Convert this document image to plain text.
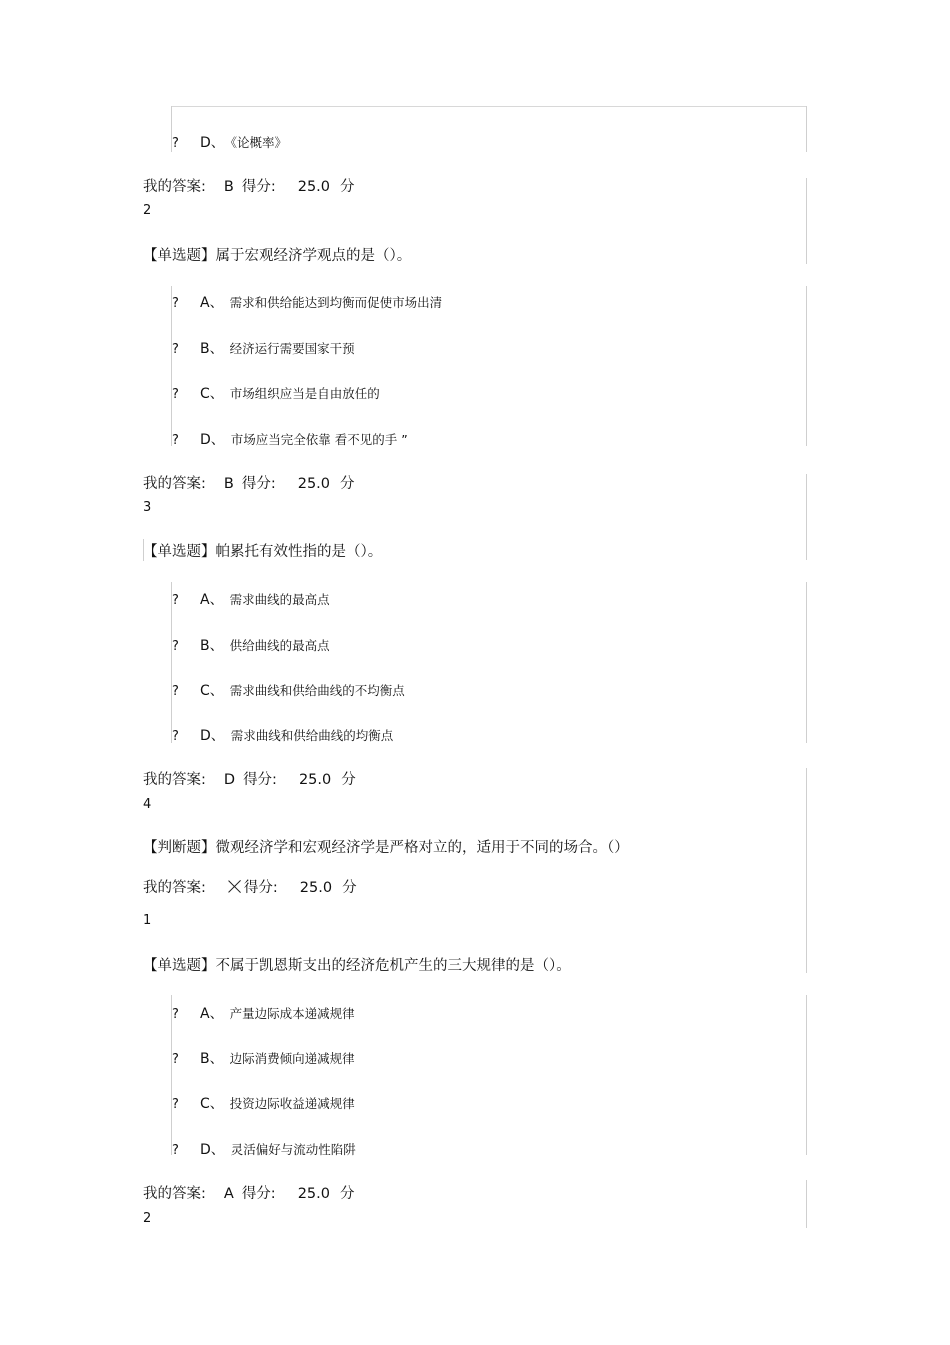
? D、 《论概率》
我的答案: B 得分: 25.0 分
2
【单选题】属于宏观经济学观点的是（）。
? A、 需求和供给能达到均衡而促使市场出清
? B、 经济运行需要国家干预
? C、 市场组织应当是自由放任的
? D、 市场应当完全依靠 看不见的手 ”
我的答案: B 得分: 25.0 分
3
【单选题】帕累托有效性指的是（）。
? A、 需求曲线的最高点
? B、 供给曲线的最高点
? C、 需求曲线和供给曲线的不均衡点
? D、 需求曲线和供给曲线的均衡点
我的答案: D 得分: 25.0 分
4
【判断题】微观经济学和宏观经济学是严格对立的，适用于不同的场合。（）
我的答案:	得分: 25.0 分
1
【单选题】不属于凯恩斯支出的经济危机产生的三大规律的是（）。
? A、 产量边际成本递减规律
? B、 边际消费倾向递减规律
? C、 投资边际收益递减规律
? D、 灵活偏好与流动性陷阱
我的答案: A 得分: 25.0 分
2
